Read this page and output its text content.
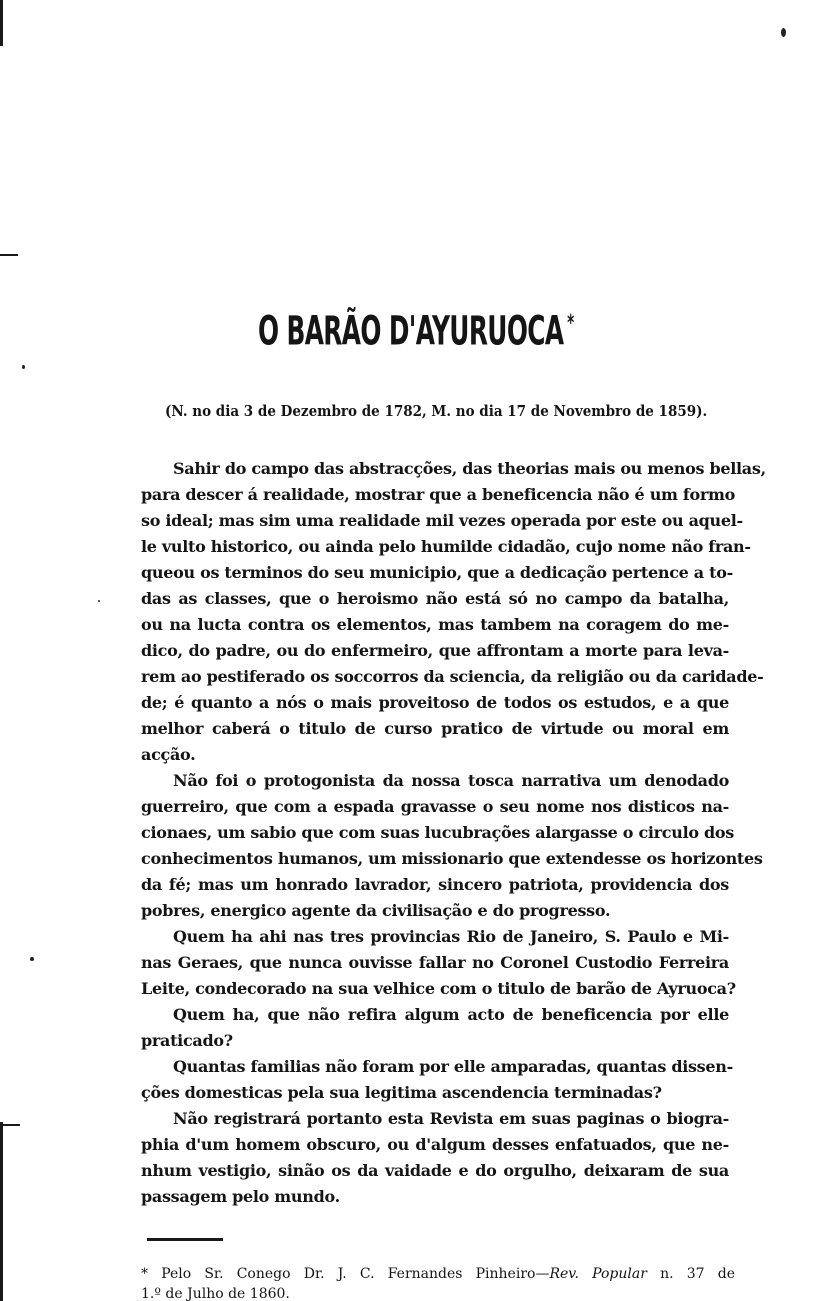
O BARÃO D'AYURUOCA *
(N. no dia 3 de Dezembro de 1782, M. no dia 17 de Novembro de 1859).
Sahir do campo das abstracções, das theorias mais ou menos bellas,
para descer á realidade, mostrar que a beneficencia não é um formo
so ideal; mas sim uma realidade mil vezes operada por este ou aquel-
le vulto historico, ou ainda pelo humilde cidadão, cujo nome não fran-
queou os terminos do seu municipio, que a dedicação pertence a to-
das as classes, que o heroismo não está só no campo da batalha,
ou na lucta contra os elementos, mas tambem na coragem do me-
dico, do padre, ou do enfermeiro, que affrontam a morte para leva-
rem ao pestiferado os soccorros da sciencia, da religião ou da caridade-
de; é quanto a nós o mais proveitoso de todos os estudos, e a que
melhor caberá o titulo de curso pratico de virtude ou moral em
acção.
Não foi o protogonista da nossa tosca narrativa um denodado
guerreiro, que com a espada gravasse o seu nome nos disticos na-
cionaes, um sabio que com suas lucubrações alargasse o circulo dos
conhecimentos humanos, um missionario que extendesse os horizontes
da fé; mas um honrado lavrador, sincero patriota, providencia dos
pobres, energico agente da civilisação e do progresso.
Quem ha ahi nas tres provincias Rio de Janeiro, S. Paulo e Mi-
nas Geraes, que nunca ouvisse fallar no Coronel Custodio Ferreira
Leite, condecorado na sua velhice com o titulo de barão de Ayruoca?
Quem ha, que não refira algum acto de beneficencia por elle
praticado?
Quantas familias não foram por elle amparadas, quantas dissen-
ções domesticas pela sua legitima ascendencia terminadas?
Não registrará portanto esta Revista em suas paginas o biogra-
phia d'um homem obscuro, ou d'algum desses enfatuados, que ne-
nhum vestigio, sinão os da vaidade e do orgulho, deixaram de sua
passagem pelo mundo.
* Pelo Sr. Conego Dr. J. C. Fernandes Pinheiro—Rev. Popular n. 37 de
1.º de Julho de 1860.
